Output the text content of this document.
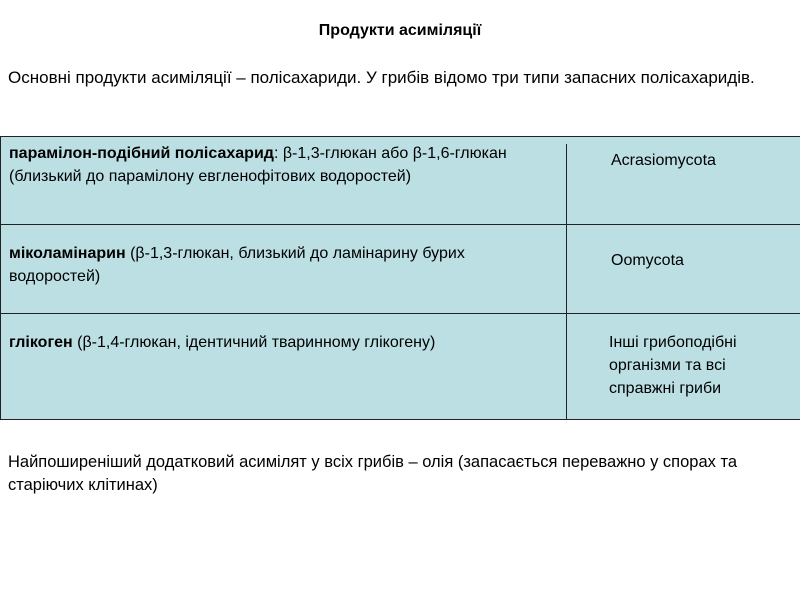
Продукти асиміляції
Основні продукти асиміляції – полісахариди. У грибів відомо три типи запасних полісахаридів.
парамілон-подібний полісахарид: β-1,3-глюкан або β-1,6-глюкан (близький до парамілону евгленофітових водоростей)
Acrasiomycota
міколамінарин (β-1,3-глюкан, близький до ламінарину бурих водоростей)
Oomycota
глікоген (β-1,4-глюкан, ідентичний тваринному глікогену)	Інші грибоподібні організми та всі справжні гриби
Найпоширеніший додатковий асимілят у всіх грибів – олія (запасається переважно у спорах та старіючих клітинах)
